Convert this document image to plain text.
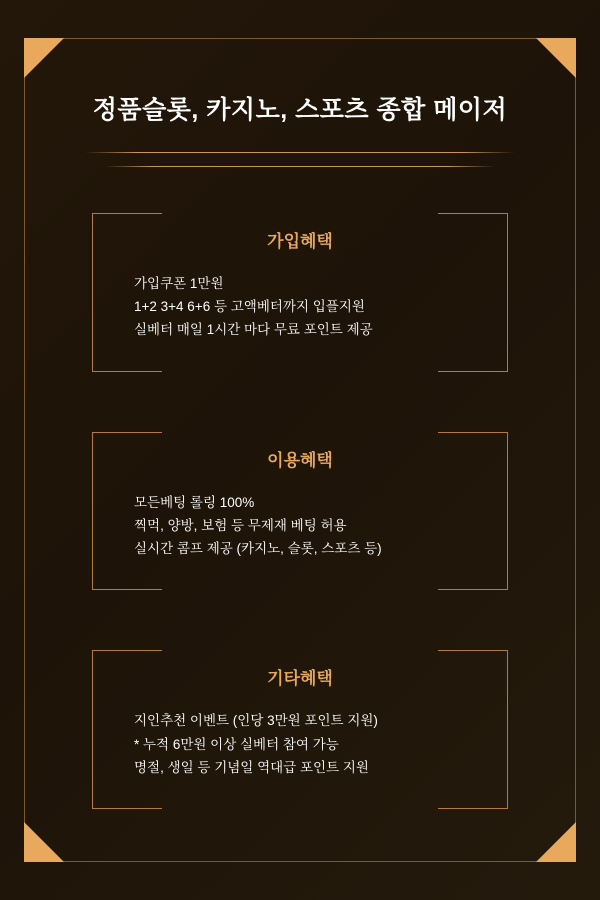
정품슬롯, 카지노, 스포츠 종합 메이저
가입혜택
가입쿠폰 1만원
1+2 3+4 6+6 등 고액베터까지 입플지원
실베터 매일 1시간 마다 무료 포인트 제공
이용혜택
모든베팅 롤링 100%
찍먹, 양방, 보험 등 무제재 베팅 허용
실시간 콤프 제공 (카지노, 슬롯, 스포츠 등)
기타혜택
지인추천 이벤트 (인당 3만원 포인트 지원)
* 누적 6만원 이상 실베터 참여 가능
명절, 생일 등 기념일 역대급 포인트 지원
